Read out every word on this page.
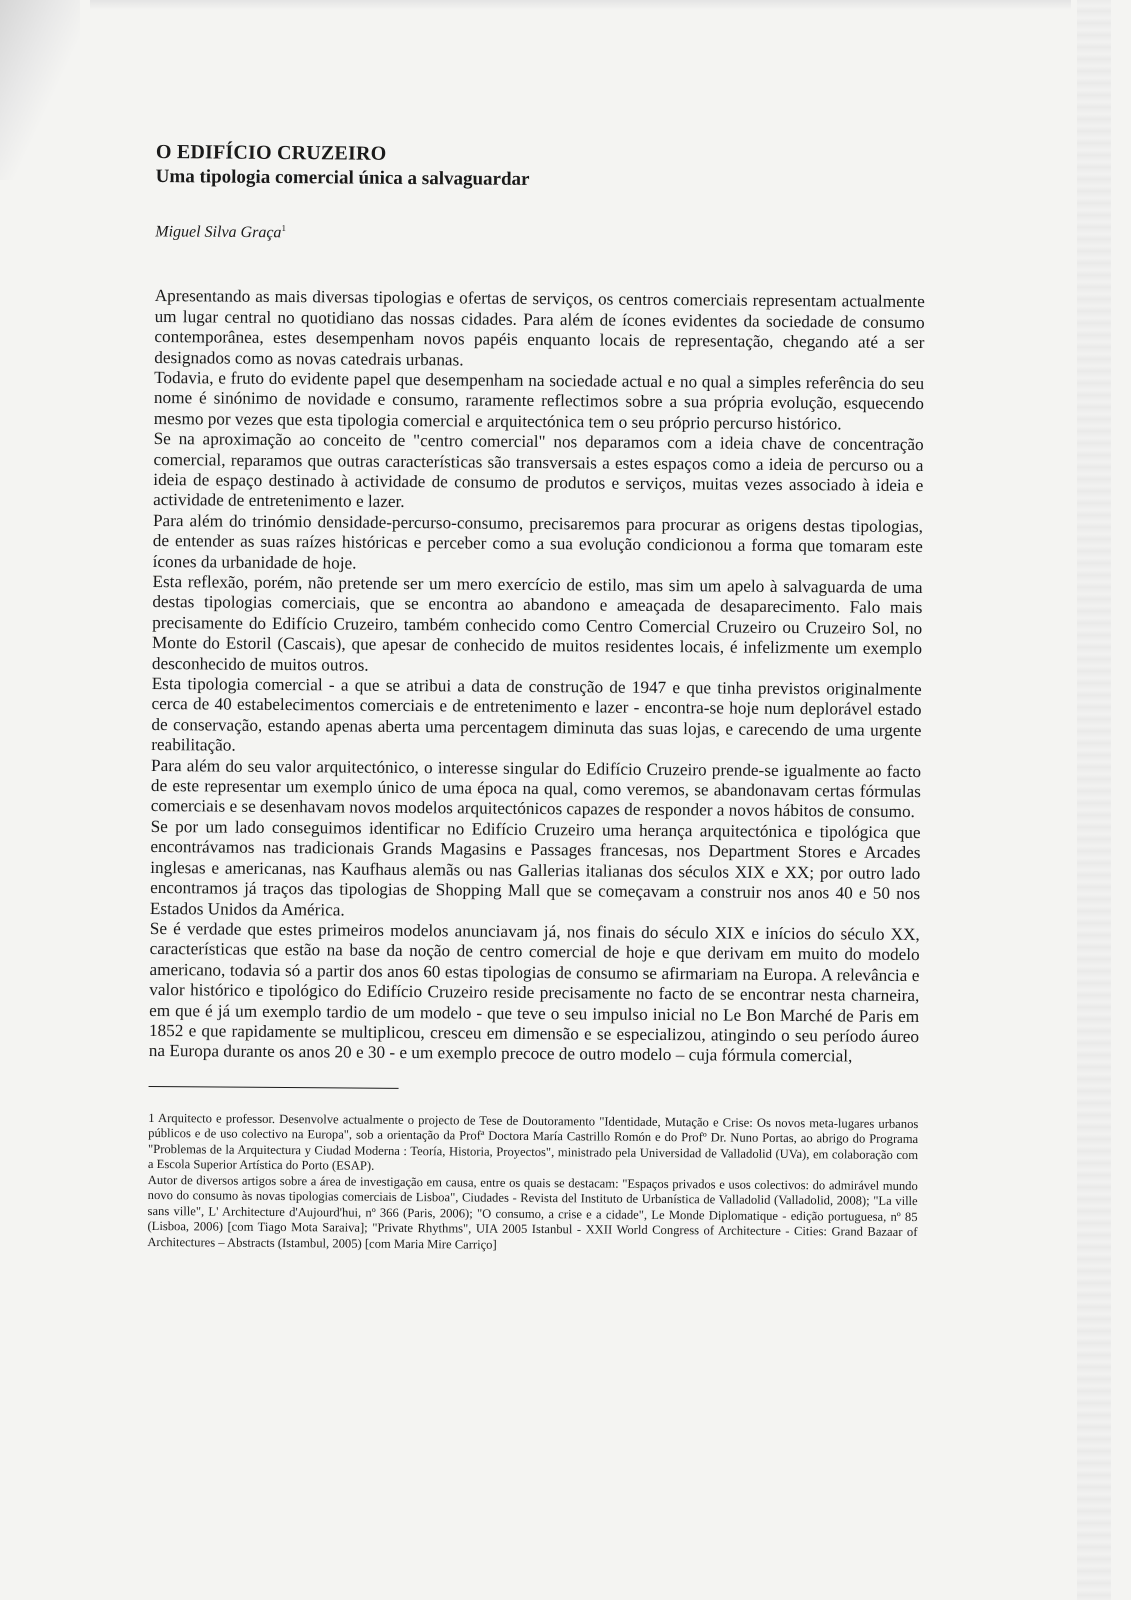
O EDIFÍCIO CRUZEIRO
Uma tipologia comercial única a salvaguardar
Miguel Silva Graça$^1$

Apresentando as mais diversas tipologias e ofertas de serviços, os centros comerciais representam actualmente um lugar central no quotidiano das nossas cidades. Para além de ícones evidentes da sociedade de consumo contemporânea, estes desempenham novos papéis enquanto locais de representação, chegando até a ser designados como as novas catedrais urbanas.

Todavia, e fruto do evidente papel que desempenham na sociedade actual e no qual a simples referência do seu nome é sinónimo de novidade e consumo, raramente reflectimos sobre a sua própria evolução, esquecendo mesmo por vezes que esta tipologia comercial e arquitectónica tem o seu próprio percurso histórico.

Se na aproximação ao conceito de "centro comercial" nos deparamos com a ideia chave de concentração comercial, reparamos que outras características são transversais a estes espaços como a ideia de percurso ou a ideia de espaço destinado à actividade de consumo de produtos e serviços, muitas vezes associado à ideia e actividade de entretenimento e lazer.

Para além do trinómio densidade-percurso-consumo, precisaremos para procurar as origens destas tipologias, de entender as suas raízes históricas e perceber como a sua evolução condicionou a forma que tomaram este ícones da urbanidade de hoje.

Esta reflexão, porém, não pretende ser um mero exercício de estilo, mas sim um apelo à salvaguarda de uma destas tipologias comerciais, que se encontra ao abandono e ameaçada de desaparecimento. Falo mais precisamente do Edifício Cruzeiro, também conhecido como Centro Comercial Cruzeiro ou Cruzeiro Sol, no Monte do Estoril (Cascais), que apesar de conhecido de muitos residentes locais, é infelizmente um exemplo desconhecido de muitos outros.

Esta tipologia comercial - a que se atribui a data de construção de 1947 e que tinha previstos originalmente cerca de 40 estabelecimentos comerciais e de entretenimento e lazer - encontra-se hoje num deplorável estado de conservação, estando apenas aberta uma percentagem diminuta das suas lojas, e carecendo de uma urgente reabilitação.

Para além do seu valor arquitectónico, o interesse singular do Edifício Cruzeiro prende-se igualmente ao facto de este representar um exemplo único de uma época na qual, como veremos, se abandonavam certas fórmulas comerciais e se desenhavam novos modelos arquitectónicos capazes de responder a novos hábitos de consumo.

Se por um lado conseguimos identificar no Edifício Cruzeiro uma herança arquitectónica e tipológica que encontrávamos nas tradicionais Grands Magasins e Passages francesas, nos Department Stores e Arcades inglesas e americanas, nas Kaufhaus alemãs ou nas Gallerias italianas dos séculos XIX e XX; por outro lado encontramos já traços das tipologias de Shopping Mall que se começavam a construir nos anos 40 e 50 nos Estados Unidos da América.

Se é verdade que estes primeiros modelos anunciavam já, nos finais do século XIX e inícios do século XX, características que estão na base da noção de centro comercial de hoje e que derivam em muito do modelo americano, todavia só a partir dos anos 60 estas tipologias de consumo se afirmariam na Europa. A relevância e valor histórico e tipológico do Edifício Cruzeiro reside precisamente no facto de se encontrar nesta charneira, em que é já um exemplo tardio de um modelo - que teve o seu impulso inicial no Le Bon Marché de Paris em 1852 e que rapidamente se multiplicou, cresceu em dimensão e se especializou, atingindo o seu período áureo na Europa durante os anos 20 e 30 - e um exemplo precoce de outro modelo – cuja fórmula comercial,

1 Arquitecto e professor. Desenvolve actualmente o projecto de Tese de Doutoramento "Identidade, Mutação e Crise: Os novos meta-lugares urbanos públicos e de uso colectivo na Europa", sob a orientação da Profª Doctora María Castrillo Romón e do Profº Dr. Nuno Portas, ao abrigo do Programa "Problemas de la Arquitectura y Ciudad Moderna : Teoría, Historia, Proyectos", ministrado pela Universidad de Valladolid (UVa), em colaboração com a Escola Superior Artística do Porto (ESAP).

Autor de diversos artigos sobre a área de investigação em causa, entre os quais se destacam: "Espaços privados e usos colectivos: do admirável mundo novo do consumo às novas tipologias comerciais de Lisboa", Ciudades - Revista del Instituto de Urbanística de Valladolid (Valladolid, 2008); "La ville sans ville", L' Architecture d'Aujourd'hui, nº 366 (Paris, 2006); "O consumo, a crise e a cidade", Le Monde Diplomatique - edição portuguesa, nº 85 (Lisboa, 2006) [com Tiago Mota Saraiva]; "Private Rhythms", UIA 2005 Istanbul - XXII World Congress of Architecture - Cities: Grand Bazaar of Architectures – Abstracts (Istambul, 2005) [com Maria Mire Carriço]
